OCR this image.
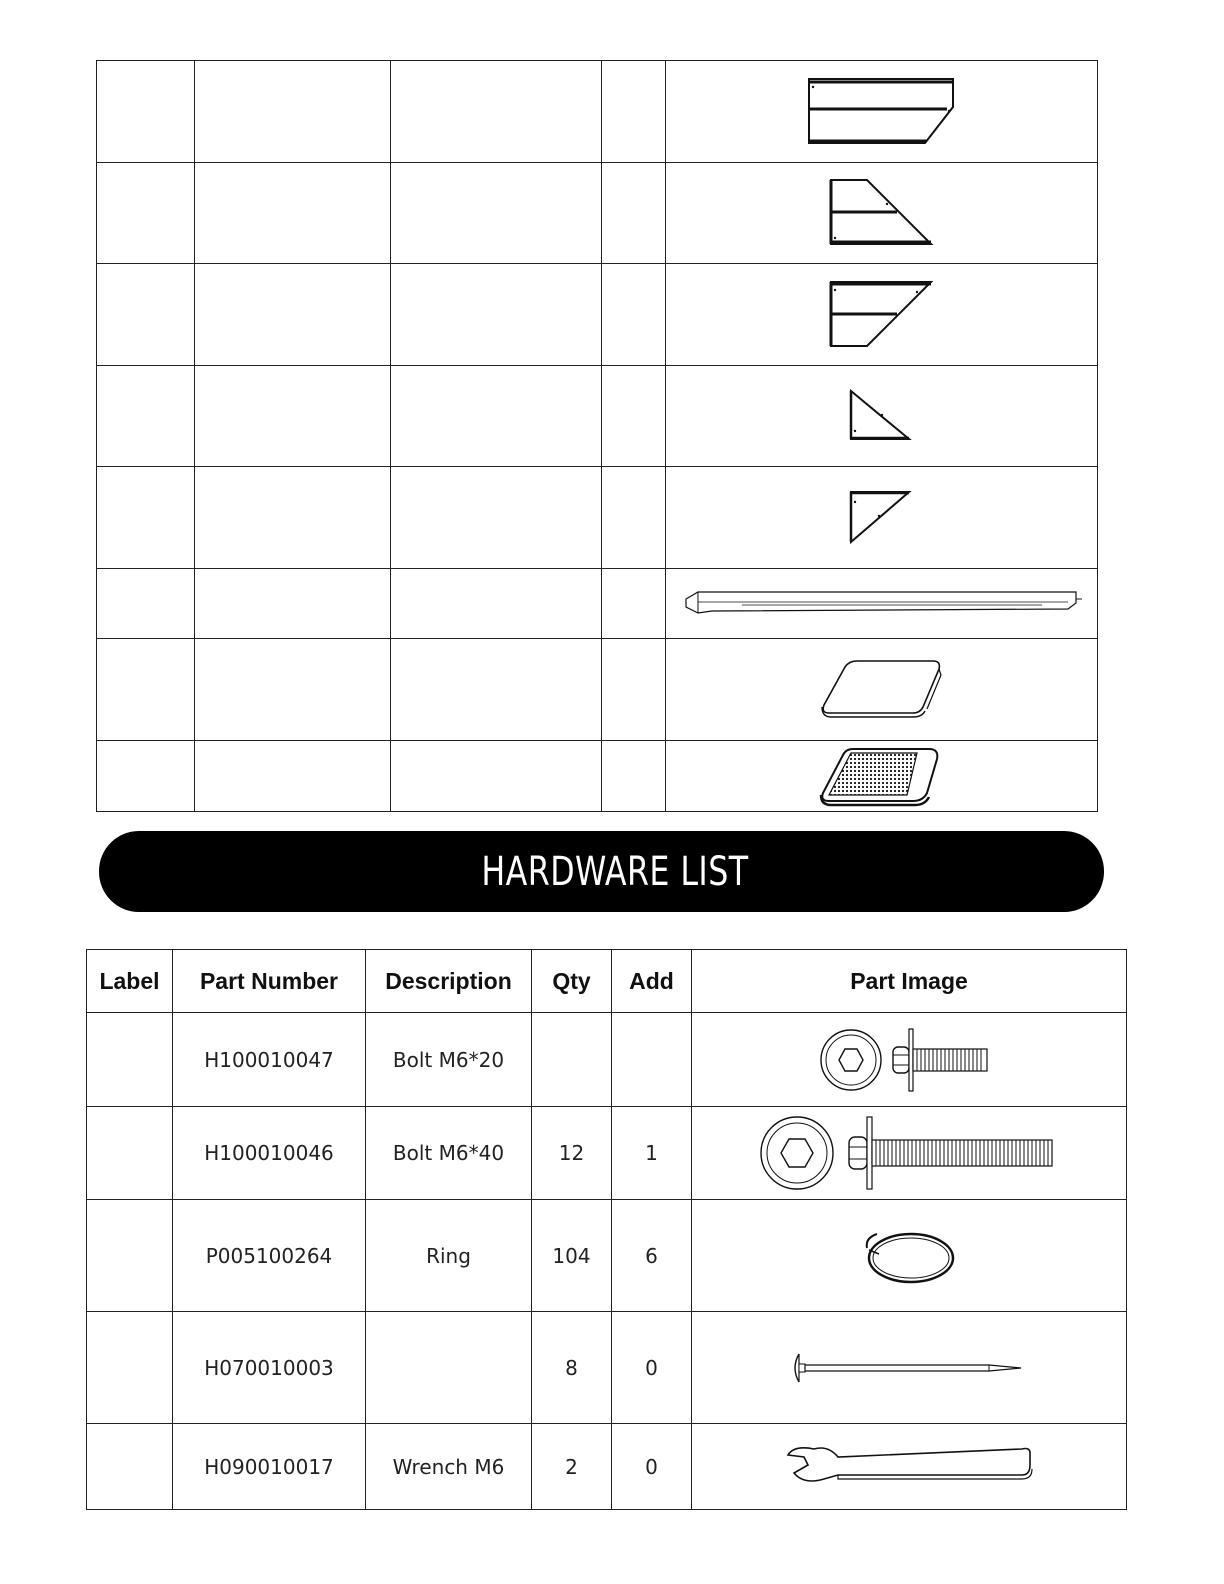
HARDWARE LIST
Label	Part Number	Description	Qty	Add	Part Image
	H100010047	Bolt M6*20			

	H100010046	Bolt M6*40	12	1	

	P005100264	Ring	104	6	

	H070010003		8	0	

	H090010017	Wrench M6	2	0	
